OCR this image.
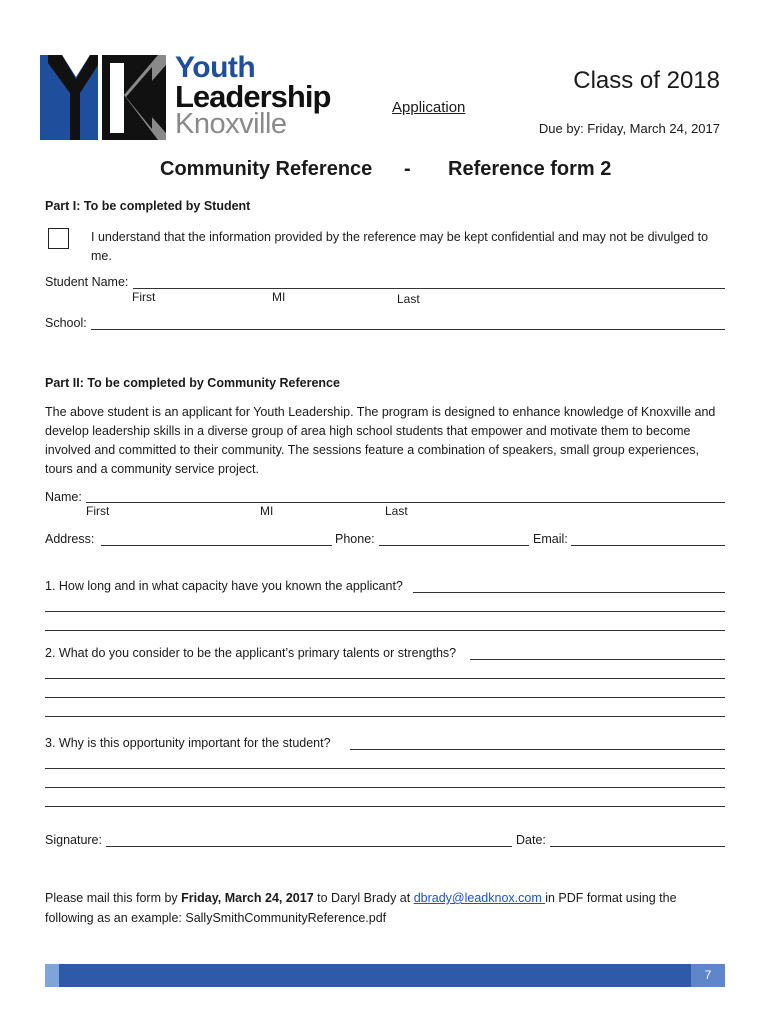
Youth
Leadership
Knoxville
Application
Class of 2018
Due by: Friday, March 24, 2017
Community Reference - Reference form 2
Part I: To be completed by Student
I understand that the information provided by the reference may be kept confidential and may not be divulged to me.
Student Name:
First	MI	Last
School:
Part II: To be completed by Community Reference
The above student is an applicant for Youth Leadership. The program is designed to enhance knowledge of Knoxville and develop leadership skills in a diverse group of area high school students that empower and motivate them to become involved and committed to their community. The sessions feature a combination of speakers, small group experiences, tours and a community service project.
Name:
First	MI	Last
Address:	Phone:	Email:
1. How long and in what capacity have you known the applicant?
2. What do you consider to be the applicant’s primary talents or strengths?
3. Why is this opportunity important for the student?
Signature:	Date:
Please mail this form by Friday, March 24, 2017 to Daryl Brady at dbrady@leadknox.com in PDF format using the
following as an example: SallySmithCommunityReference.pdf
7
